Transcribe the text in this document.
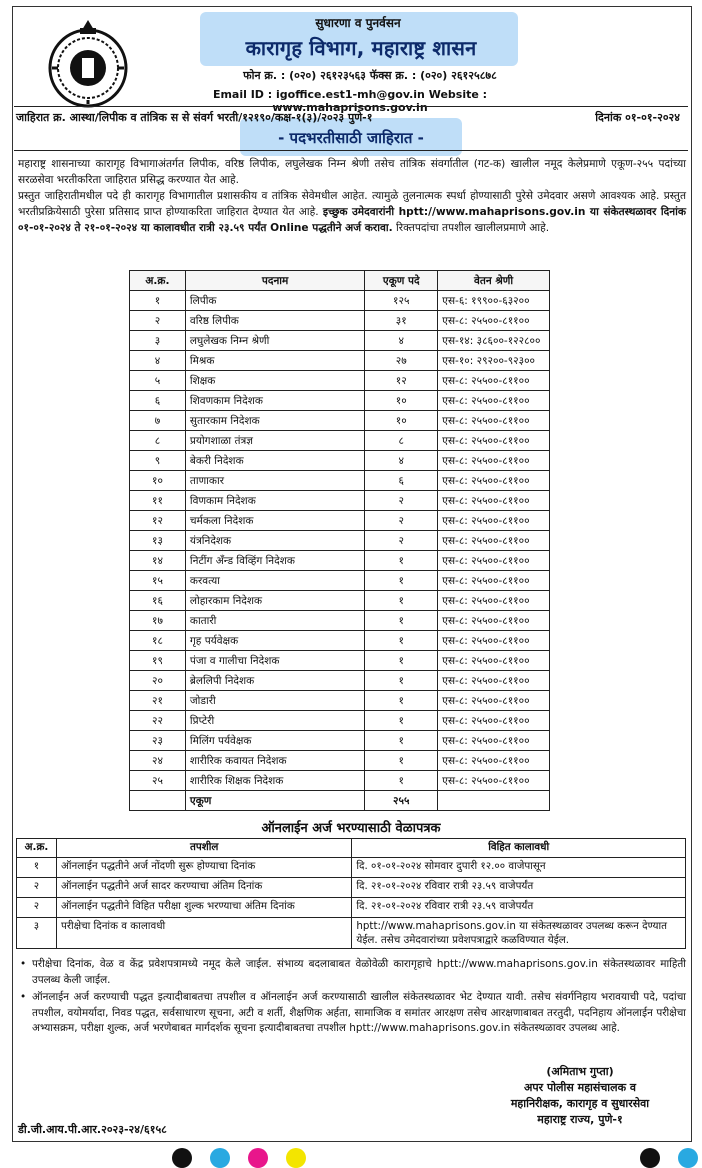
सुधारणा व पुनर्वसन
कारागृह विभाग, महाराष्ट्र शासन
फोन क्र. : (०२०) २६१२३५६३ फॅक्स क्र. : (०२०) २६१२५८७८
Email ID : igoffice.est1-mh@gov.in Website : www.mahaprisons.gov.in
जाहिरात क्र. आस्था/लिपीक व तांत्रिक स से संवर्ग भरती/१२१९०/कक्ष-१(३)/२०२३ पुणे-१	दिनांक ०१-०१-२०२४
- पदभरतीसाठी जाहिरात -
महाराष्ट्र शासनाच्या कारागृह विभागाअंतर्गत लिपीक, वरिष्ठ लिपीक, लघुलेखक निम्न श्रेणी तसेच तांत्रिक संवर्गातील (गट-क) खालील नमूद केलेप्रमाणे एकूण-२५५ पदांच्या सरळसेवा भरतीकरिता जाहिरात प्रसिद्ध करण्यात येत आहे.
प्रस्तुत जाहिरातीमधील पदे ही कारागृह विभागातील प्रशासकीय व तांत्रिक सेवेमधील आहेत. त्यामुळे तुलनात्मक स्पर्धा होण्यासाठी पुरेसे उमेदवार असणे आवश्यक आहे. प्रस्तुत भरतीप्रक्रियेसाठी पुरेसा प्रतिसाद प्राप्त होण्याकरिता जाहिरात देण्यात येत आहे. इच्छुक उमेदवारांनी hptt://www.mahaprisons.gov.in या संकेतस्थळावर दिनांक ०१-०१-२०२४ ते २१-०१-२०२४ या कालावधीत रात्री २३.५९ पर्यंत Online पद्धतीने अर्ज करावा. रिक्तपदांचा तपशील खालीलप्रमाणे आहे.
अ.क्र.	पदनाम	एकूण पदे	वेतन श्रेणी
१	लिपीक	१२५	एस-६: १९९००-६३२००
२	वरिष्ठ लिपीक	३१	एस-८: २५५००-८११००
३	लघुलेखक निम्न श्रेणी	४	एस-१४: ३८६००-१२२८००
४	मिश्रक	२७	एस-१०: २९२००-९२३००
५	शिक्षक	१२	एस-८: २५५००-८११००
६	शिवणकाम निदेशक	१०	एस-८: २५५००-८११००
७	सुतारकाम निदेशक	१०	एस-८: २५५००-८११००
८	प्रयोगशाळा तंत्रज्ञ	८	एस-८: २५५००-८११००
९	बेकरी निदेशक	४	एस-८: २५५००-८११००
१०	ताणाकार	६	एस-८: २५५००-८११००
११	विणकाम निदेशक	२	एस-८: २५५००-८११००
१२	चर्मकला निदेशक	२	एस-८: २५५००-८११००
१३	यंत्रनिदेशक	२	एस-८: २५५००-८११००
१४	निटींग अँन्ड विव्हिंग निदेशक	१	एस-८: २५५००-८११००
१५	करवत्या	१	एस-८: २५५००-८११००
१६	लोहारकाम निदेशक	१	एस-८: २५५००-८११००
१७	कातारी	१	एस-८: २५५००-८११००
१८	गृह पर्यवेक्षक	१	एस-८: २५५००-८११००
१९	पंजा व गालीचा निदेशक	१	एस-८: २५५००-८११००
२०	ब्रेललिपी निदेशक	१	एस-८: २५५००-८११००
२१	जोडारी	१	एस-८: २५५००-८११००
२२	प्रिप्टेरी	१	एस-८: २५५००-८११००
२३	मिलिंग पर्यवेक्षक	१	एस-८: २५५००-८११००
२४	शारीरिक कवायत निदेशक	१	एस-८: २५५००-८११००
२५	शारीरिक शिक्षक निदेशक	१	एस-८: २५५००-८११००
	एकूण	२५५	
ऑनलाईन अर्ज भरण्यासाठी वेळापत्रक
अ.क्र.	तपशील	विहित कालावधी
१	ऑनलाईन पद्धतीने अर्ज नोंदणी सुरू होण्याचा दिनांक	दि. ०१-०१-२०२४ सोमवार दुपारी १२.०० वाजेपासून
२	ऑनलाईन पद्धतीने अर्ज सादर करण्याचा अंतिम दिनांक	दि. २१-०१-२०२४ रविवार रात्री २३.५९ वाजेपर्यंत
२	ऑनलाईन पद्धतीने विहित परीक्षा शुल्क भरण्याचा अंतिम दिनांक	दि. २१-०१-२०२४ रविवार रात्री २३.५९ वाजेपर्यंत
३	परीक्षेचा दिनांक व कालावधी	hptt://www.mahaprisons.gov.in या संकेतस्थळावर उपलब्ध करून देण्यात येईल. तसेच उमेदवारांच्या प्रवेशपत्राद्वारे कळविण्यात येईल.
• परीक्षेचा दिनांक, वेळ व केंद्र प्रवेशपत्रामध्ये नमूद केले जाईल. संभाव्य बदलाबाबत वेळोवेळी कारागृहाचे hptt://www.mahaprisons.gov.in संकेतस्थळावर माहिती उपलब्ध केली जाईल.
• ऑनलाईन अर्ज करण्याची पद्धत इत्यादीबाबतचा तपशील व ऑनलाईन अर्ज करण्यासाठी खालील संकेतस्थळावर भेट देण्यात यावी. तसेच संवर्गनिहाय भरावयाची पदे, पदांचा तपशील, वयोमर्यादा, निवड पद्धत, सर्वसाधारण सूचना, अटी व शर्ती, शैक्षणिक अर्हता, सामाजिक व समांतर आरक्षण तसेच आरक्षणाबाबत तरतुदी, पदनिहाय ऑनलाईन परीक्षेचा अभ्यासक्रम, परीक्षा शुल्क, अर्ज भरणेबाबत मार्गदर्शक सूचना इत्यादीबाबतचा तपशील hptt://www.mahaprisons.gov.in संकेतस्थळावर उपलब्ध आहे.
(अमिताभ गुप्ता)
अपर पोलीस महासंचालक व
महानिरीक्षक, कारागृह व सुधारसेवा
महाराष्ट्र राज्य, पुणे-१
डी.जी.आय.पी.आर.२०२३-२४/६१५८
